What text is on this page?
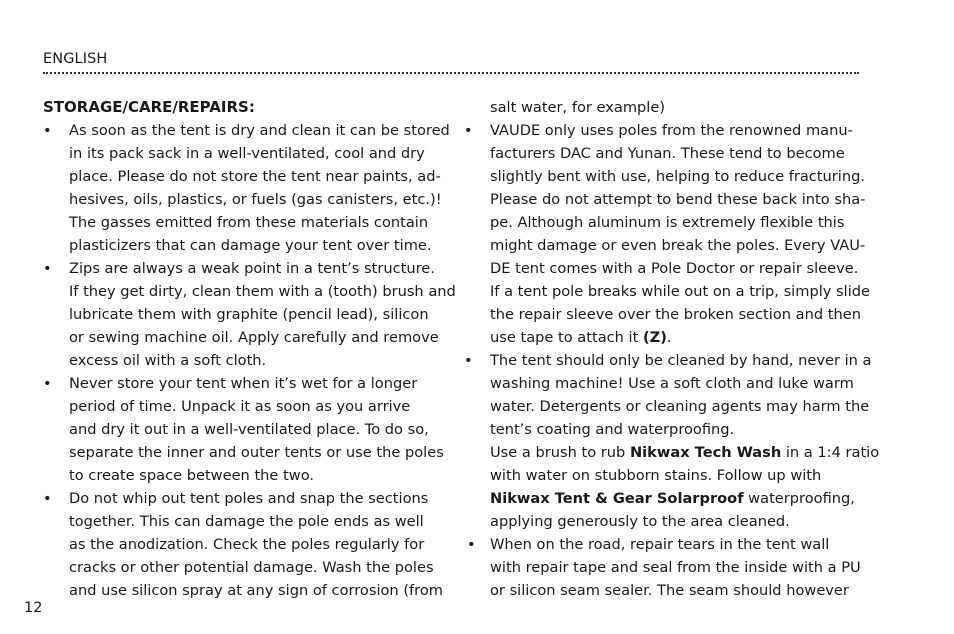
ENGLISH
STORAGE/CARE/REPAIRS:
• As soon as the tent is dry and clean it can be stored
in its pack sack in a well-ventilated, cool and dry
place. Please do not store the tent near paints, ad-
hesives, oils, plastics, or fuels (gas canisters, etc.)!
The gasses emitted from these materials contain
plasticizers that can damage your tent over time.
• Zips are always a weak point in a tent’s structure.
If they get dirty, clean them with a (tooth) brush and
lubricate them with graphite (pencil lead), silicon
or sewing machine oil. Apply carefully and remove
excess oil with a soft cloth.
• Never store your tent when it’s wet for a longer
period of time. Unpack it as soon as you arrive
and dry it out in a well-ventilated place. To do so,
separate the inner and outer tents or use the poles
to create space between the two.
• Do not whip out tent poles and snap the sections
together. This can damage the pole ends as well
as the anodization. Check the poles regularly for
cracks or other potential damage. Wash the poles
and use silicon spray at any sign of corrosion (from
salt water, for example)
• VAUDE only uses poles from the renowned manu-
facturers DAC and Yunan. These tend to become
slightly bent with use, helping to reduce fracturing.
Please do not attempt to bend these back into sha-
pe. Although aluminum is extremely flexible this
might damage or even break the poles. Every VAU-
DE tent comes with a Pole Doctor or repair sleeve.
If a tent pole breaks while out on a trip, simply slide
the repair sleeve over the broken section and then
use tape to attach it (Z).
• The tent should only be cleaned by hand, never in a
washing machine! Use a soft cloth and luke warm
water. Detergents or cleaning agents may harm the
tent’s coating and waterproofing.
Use a brush to rub Nikwax Tech Wash in a 1:4 ratio
with water on stubborn stains. Follow up with
Nikwax Tent & Gear Solarproof waterproofing,
applying generously to the area cleaned.
• When on the road, repair tears in the tent wall
with repair tape and seal from the inside with a PU
or silicon seam sealer. The seam should however
12
